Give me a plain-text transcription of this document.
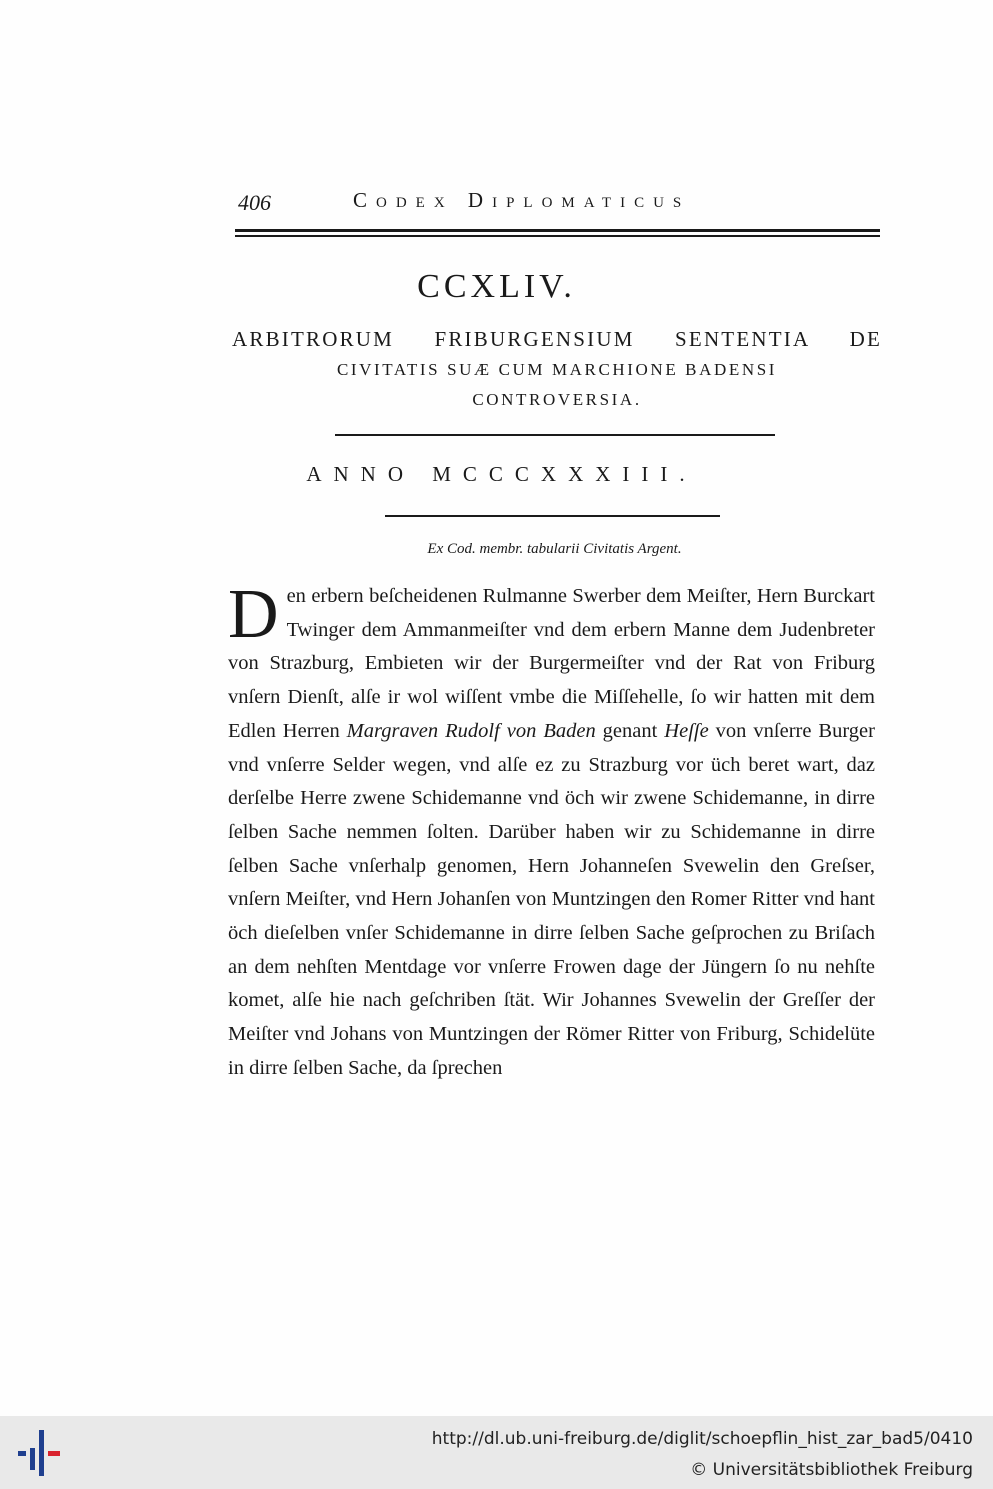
406	Codex Diplomaticus
CCXLIV.
ARBITRORUM FRIBURGENSIUM SENTENTIA DE
CIVITATIS SUÆ CUM MARCHIONE BADENSI
CONTROVERSIA.
ANNO MCCCXXXIII.
Ex Cod. membr. tabularii Civitatis Argent.
Den erbern beſcheidenen Rulmanne Swerber dem Meiſter, Hern Burckart Twinger dem Ammanmeiſter vnd dem erbern Manne dem Judenbreter von Strazburg, Embieten wir der Burgermeiſter vnd der Rat von Friburg vnſern Dienſt, alſe ir wol wiſſent vmbe die Miſſehelle, ſo wir hatten mit dem Edlen Herren Margraven Rudolf von Baden genant Heſſe von vnſerre Burger vnd vnſerre Selder wegen, vnd alſe ez zu Strazburg vor üch beret wart, daz derſelbe Herre zwene Schidemanne vnd öch wir zwene Schidemanne, in dirre ſelben Sache nemmen ſolten. Darüber haben wir zu Schidemanne in dirre ſelben Sache vnſerhalp genomen, Hern Johanneſen Svewelin den Greſser, vnſern Meiſter, vnd Hern Johanſen von Muntzingen den Romer Ritter vnd hant öch dieſelben vnſer Schidemanne in dirre ſelben Sache geſprochen zu Briſach an dem nehſten Mentdage vor vnſerre Frowen dage der Jüngern ſo nu nehſte komet, alſe hie nach geſchriben ſtät. Wir Johannes Svewelin der Greſſer der Meiſter vnd Johans von Muntzingen der Römer Ritter von Friburg, Schidelüte in dirre ſelben Sache, da ſprechen
http://dl.ub.uni-freiburg.de/diglit/schoepflin_hist_zar_bad5/0410
© Universitätsbibliothek Freiburg
